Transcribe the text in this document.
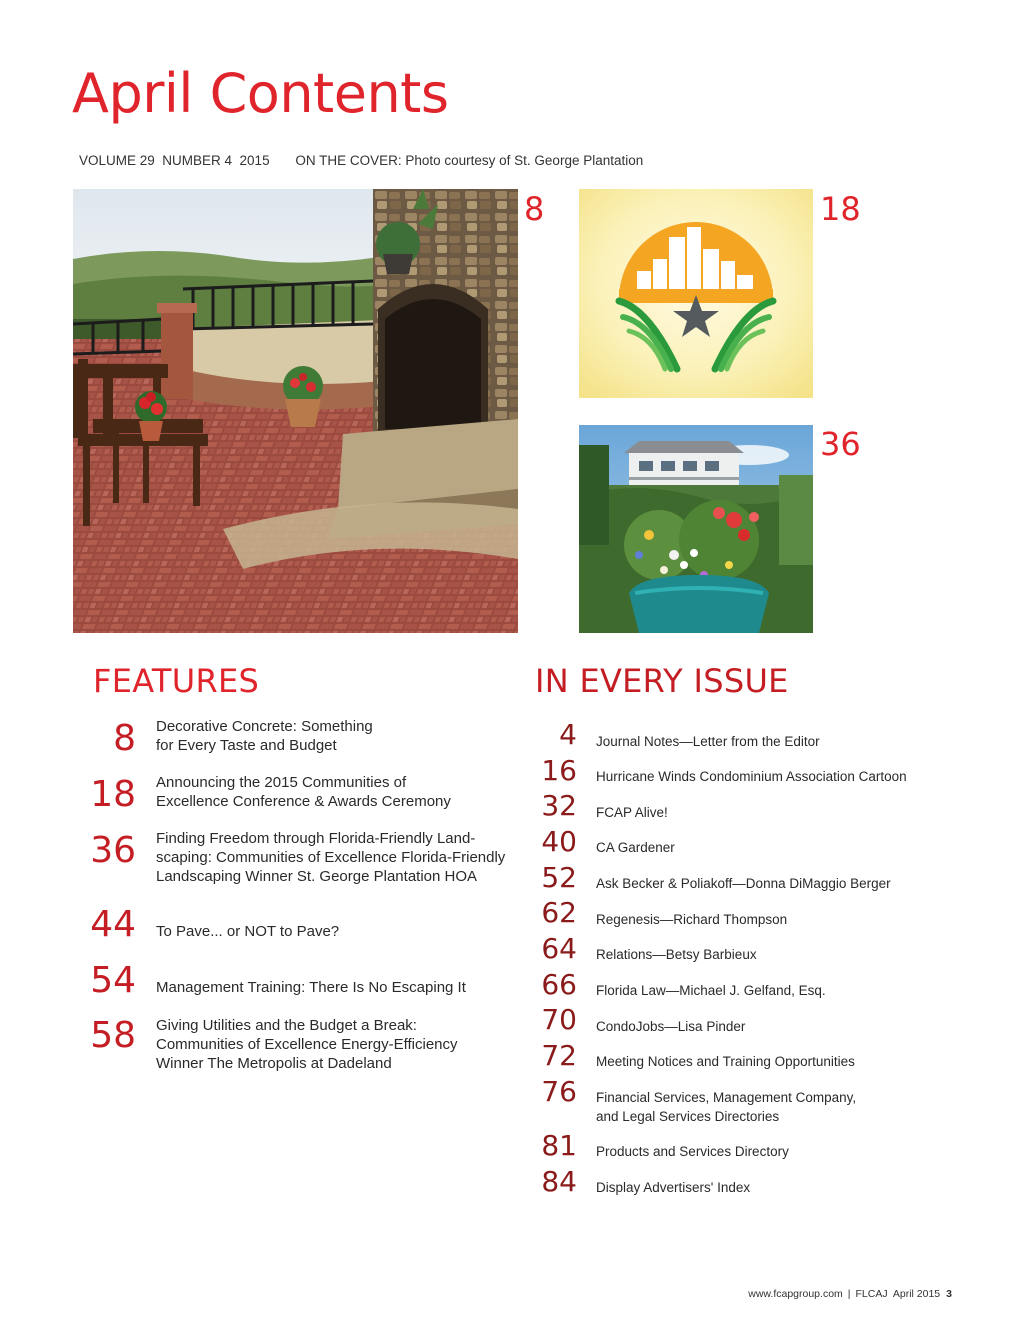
April Contents
VOLUME 29  NUMBER 4  2015 ON THE COVER: Photo courtesy of St. George Plantation
8	18
36
FEATURES
8 Decorative Concrete: Something
for Every Taste and Budget
18 Announcing the 2015 Communities of
Excellence Conference & Awards Ceremony
36 Finding Freedom through Florida-Friendly Land-
scaping: Communities of Excellence Florida-Friendly
Landscaping Winner St. George Plantation HOA
44 To Pave... or NOT to Pave?
54 Management Training: There Is No Escaping It
58 Giving Utilities and the Budget a Break:
Communities of Excellence Energy-Efficiency
Winner The Metropolis at Dadeland
IN EVERY ISSUE
4 Journal Notes—Letter from the Editor
16 Hurricane Winds Condominium Association Cartoon
32 FCAP Alive!
40 CA Gardener
52 Ask Becker & Poliakoff—Donna DiMaggio Berger
62 Regenesis—Richard Thompson
64 Relations—Betsy Barbieux
66 Florida Law—Michael J. Gelfand, Esq.
70 CondoJobs—Lisa Pinder
72 Meeting Notices and Training Opportunities
76 Financial Services, Management Company,
and Legal Services Directories
81 Products and Services Directory
84 Display Advertisers' Index
www.fcapgroup.com | FLCAJ  April 2015 3
